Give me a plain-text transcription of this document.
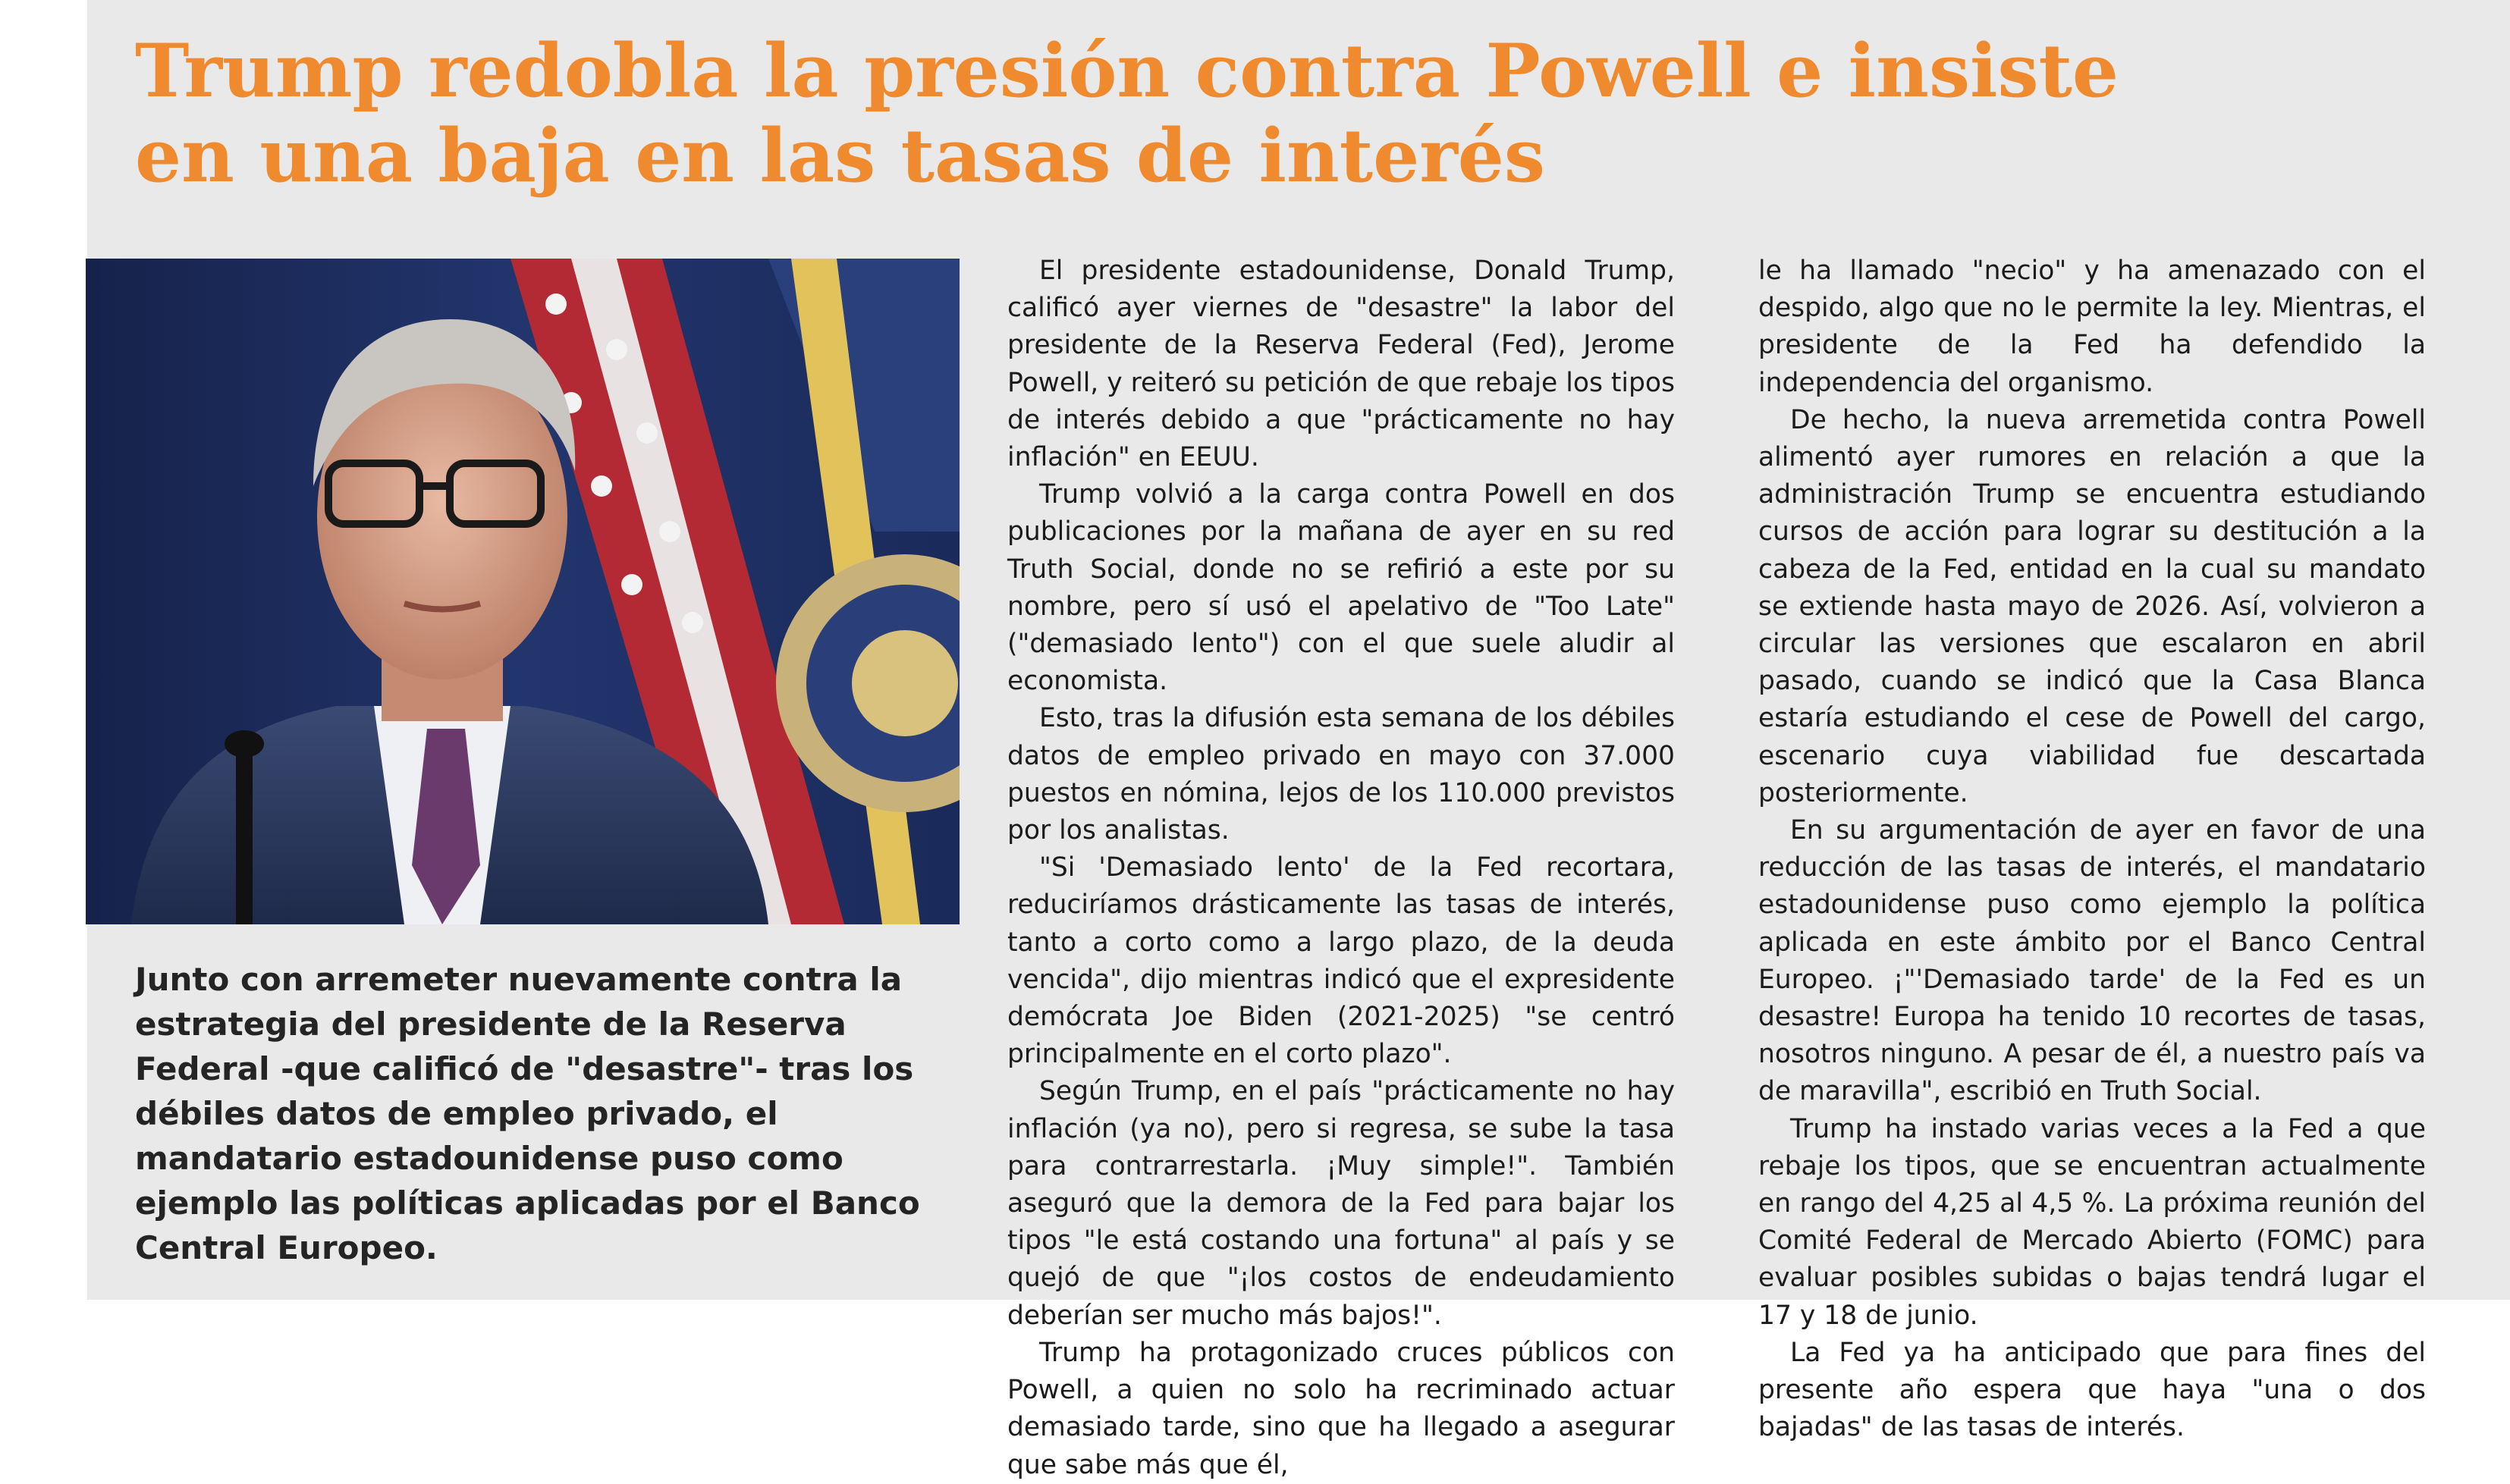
Trump redobla la presión contra Powell e insiste
en una baja en las tasas de interés

Junto con arremeter nuevamente contra la estrategia del presidente de la Reserva Federal -que calificó de "desastre"- tras los débiles datos de empleo privado, el mandatario estadounidense puso como ejemplo las políticas aplicadas por el Banco Central Europeo.

El presidente estadounidense, Donald Trump, calificó ayer viernes de "desastre" la labor del presidente de la Reserva Federal (Fed), Jerome Powell, y reiteró su petición de que rebaje los tipos de interés debido a que "prácticamente no hay inflación" en EEUU.

Trump volvió a la carga contra Powell en dos publicaciones por la mañana de ayer en su red Truth Social, donde no se refirió a este por su nombre, pero sí usó el apelativo de "Too Late" ("demasiado lento") con el que suele aludir al economista.

Esto, tras la difusión esta semana de los débiles datos de empleo privado en mayo con 37.000 puestos en nómina, lejos de los 110.000 previstos por los analistas.

"Si 'Demasiado lento' de la Fed recortara, reduciríamos drásticamente las tasas de interés, tanto a corto como a largo plazo, de la deuda vencida", dijo mientras indicó que el expresidente demócrata Joe Biden (2021-2025) "se centró principalmente en el corto plazo".

Según Trump, en el país "prácticamente no hay inflación (ya no), pero si regresa, se sube la tasa para contrarrestarla. ¡Muy simple!". También aseguró que la demora de la Fed para bajar los tipos "le está costando una fortuna" al país y se quejó de que "¡los costos de endeudamiento deberían ser mucho más bajos!".

Trump ha protagonizado cruces públicos con Powell, a quien no solo ha recriminado actuar demasiado tarde, sino que ha llegado a asegurar que sabe más que él,

le ha llamado "necio" y ha amenazado con el despido, algo que no le permite la ley. Mientras, el presidente de la Fed ha defendido la independencia del organismo.

De hecho, la nueva arremetida contra Powell alimentó ayer rumores en relación a que la administración Trump se encuentra estudiando cursos de acción para lograr su destitución a la cabeza de la Fed, entidad en la cual su mandato se extiende hasta mayo de 2026. Así, volvieron a circular las versiones que escalaron en abril pasado, cuando se indicó que la Casa Blanca estaría estudiando el cese de Powell del cargo, escenario cuya viabilidad fue descartada posteriormente.

En su argumentación de ayer en favor de una reducción de las tasas de interés, el mandatario estadounidense puso como ejemplo la política aplicada en este ámbito por el Banco Central Europeo. ¡"'Demasiado tarde' de la Fed es un desastre! Europa ha tenido 10 recortes de tasas, nosotros ninguno. A pesar de él, a nuestro país va de maravilla", escribió en Truth Social.

Trump ha instado varias veces a la Fed a que rebaje los tipos, que se encuentran actualmente en rango del 4,25 al 4,5 %. La próxima reunión del Comité Federal de Mercado Abierto (FOMC) para evaluar posibles subidas o bajas tendrá lugar el 17 y 18 de junio.

La Fed ya ha anticipado que para fines del presente año espera que haya "una o dos bajadas" de las tasas de interés.
